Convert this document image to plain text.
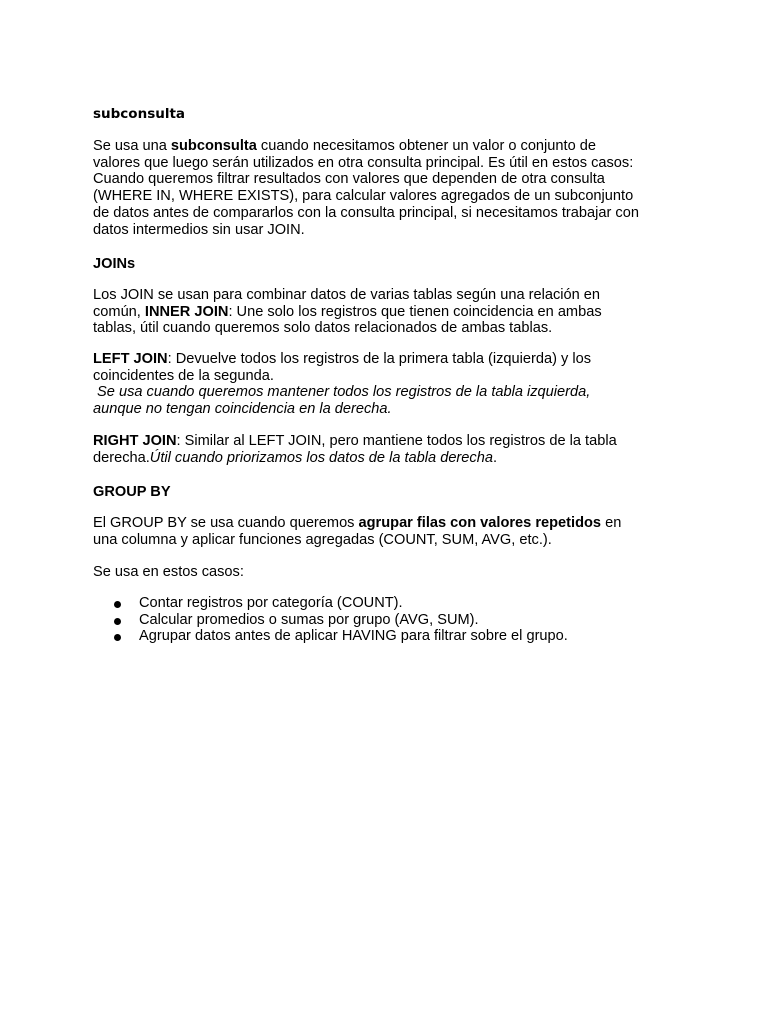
subconsulta
Se usa una subconsulta cuando necesitamos obtener un valor o conjunto de
valores que luego serán utilizados en otra consulta principal. Es útil en estos casos:
Cuando queremos filtrar resultados con valores que dependen de otra consulta
(WHERE IN, WHERE EXISTS), para calcular valores agregados de un subconjunto
de datos antes de compararlos con la consulta principal, si necesitamos trabajar con
datos intermedios sin usar JOIN.
JOINs
Los JOIN se usan para combinar datos de varias tablas según una relación en
común, INNER JOIN: Une solo los registros que tienen coincidencia en ambas
tablas, útil cuando queremos solo datos relacionados de ambas tablas.
LEFT JOIN: Devuelve todos los registros de la primera tabla (izquierda) y los
coincidentes de la segunda.
Se usa cuando queremos mantener todos los registros de la tabla izquierda,
aunque no tengan coincidencia en la derecha.
RIGHT JOIN: Similar al LEFT JOIN, pero mantiene todos los registros de la tabla
derecha.Útil cuando priorizamos los datos de la tabla derecha.
GROUP BY
El GROUP BY se usa cuando queremos agrupar filas con valores repetidos en
una columna y aplicar funciones agregadas (COUNT, SUM, AVG, etc.).
Se usa en estos casos:
Contar registros por categoría (COUNT).
Calcular promedios o sumas por grupo (AVG, SUM).
Agrupar datos antes de aplicar HAVING para filtrar sobre el grupo.
